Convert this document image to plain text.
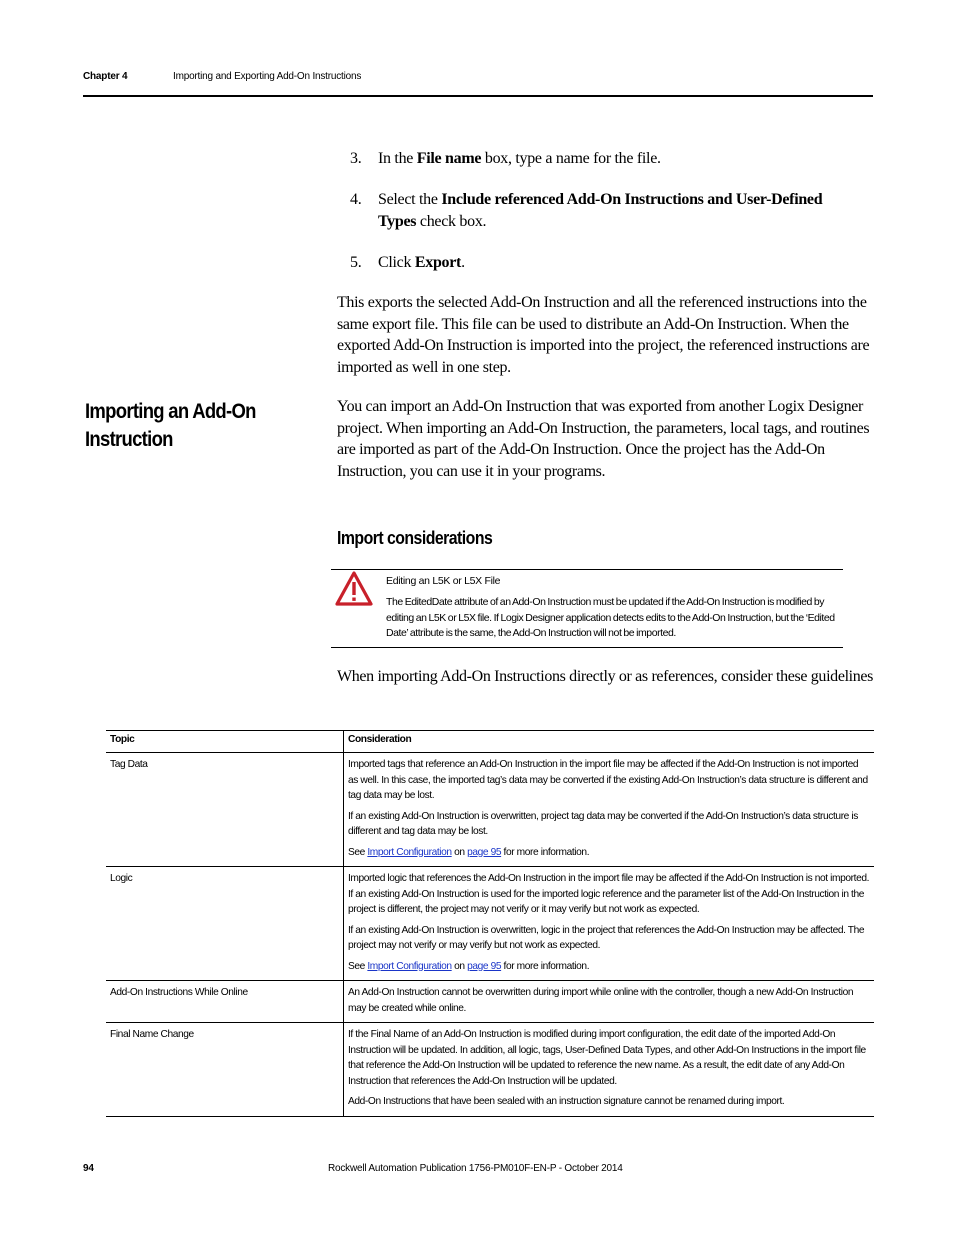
Chapter 4	Importing and Exporting Add-On Instructions
3. In the File name box, type a name for the file.
4. Select the Include referenced Add-On Instructions and User-Defined Types check box.
5. Click Export.
This exports the selected Add-On Instruction and all the referenced instructions into the same export file. This file can be used to distribute an Add-On Instruction. When the exported Add-On Instruction is imported into the project, the referenced instructions are imported as well in one step.
Importing an Add-On
Instruction
You can import an Add-On Instruction that was exported from another Logix Designer project. When importing an Add-On Instruction, the parameters, local tags, and routines are imported as part of the Add-On Instruction. Once the project has the Add-On Instruction, you can use it in your programs.
Import considerations
Editing an L5K or L5X File
The EditedDate attribute of an Add-On Instruction must be updated if the Add-On Instruction is modified by editing an L5K or L5X file. If Logix Designer application detects edits to the Add-On Instruction, but the ‘Edited Date’ attribute is the same, the Add-On Instruction will not be imported.
When importing Add-On Instructions directly or as references, consider these guidelines
Topic	Consideration
Tag Data	Imported tags that reference an Add-On Instruction in the import file may be affected if the Add-On Instruction is not imported as well. In this case, the imported tag’s data may be converted if the existing Add-On Instruction’s data structure is different and tag data may be lost.
If an existing Add-On Instruction is overwritten, project tag data may be converted if the Add-On Instruction’s data structure is different and tag data may be lost.
See Import Configuration on page 95 for more information.

Logic	Imported logic that references the Add-On Instruction in the import file may be affected if the Add-On Instruction is not imported. If an existing Add-On Instruction is used for the imported logic reference and the parameter list of the Add-On Instruction in the project is different, the project may not verify or it may verify but not work as expected.
If an existing Add-On Instruction is overwritten, logic in the project that references the Add-On Instruction may be affected. The project may not verify or may verify but not work as expected.
See Import Configuration on page 95 for more information.

Add-On Instructions While Online	An Add-On Instruction cannot be overwritten during import while online with the controller, though a new Add-On Instruction may be created while online.

Final Name Change	If the Final Name of an Add-On Instruction is modified during import configuration, the edit date of the imported Add-On Instruction will be updated. In addition, all logic, tags, User-Defined Data Types, and other Add-On Instructions in the import file that reference the Add-On Instruction will be updated to reference the new name. As a result, the edit date of any Add-On Instruction that references the Add-On Instruction will be updated.
Add-On Instructions that have been sealed with an instruction signature cannot be renamed during import.
94	Rockwell Automation Publication 1756-PM010F-EN-P - October 2014
